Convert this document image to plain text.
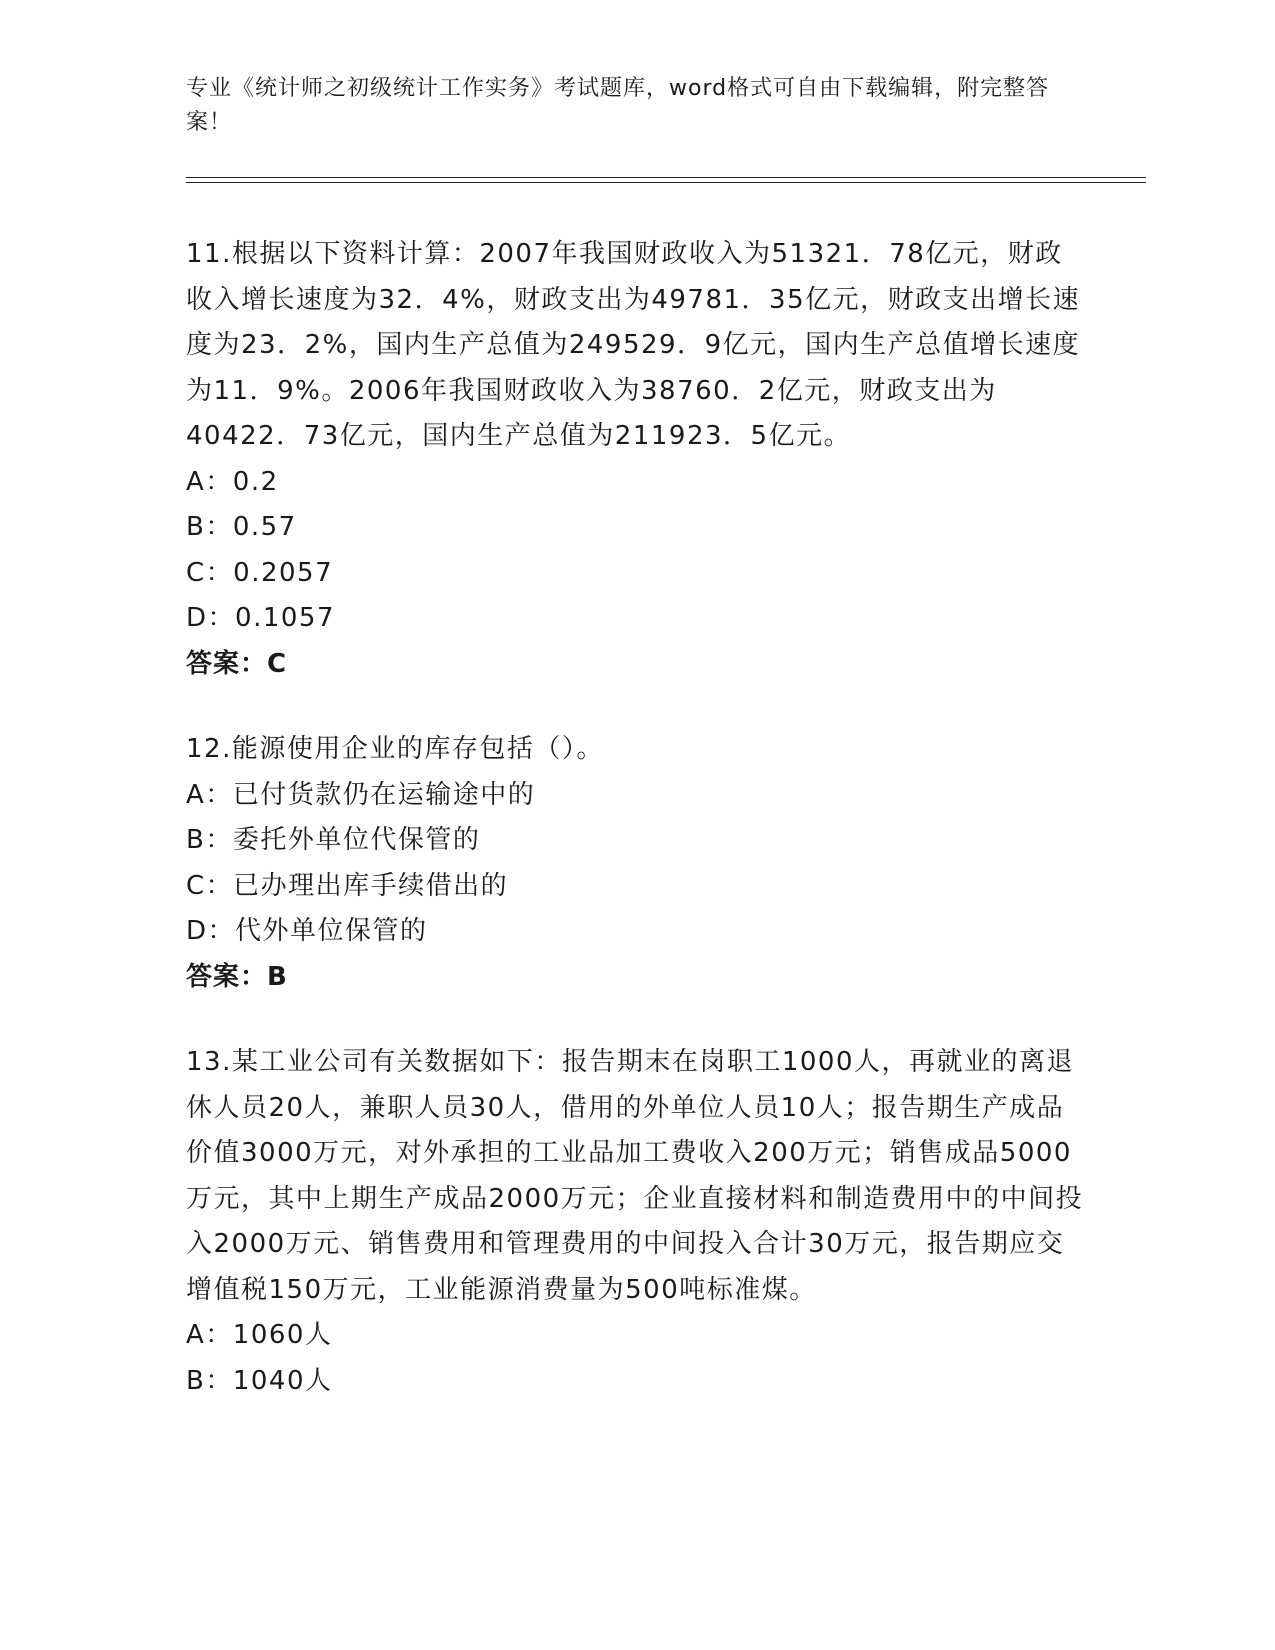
专业《统计师之初级统计工作实务》考试题库，word格式可自由下载编辑，附完整答案！

11.根据以下资料计算：2007年我国财政收入为51321．78亿元，财政收入增长速度为32．4%，财政支出为49781．35亿元，财政支出增长速度为23．2%，国内生产总值为249529．9亿元，国内生产总值增长速度为11．9%。2006年我国财政收入为38760．2亿元，财政支出为40422．73亿元，国内生产总值为211923．5亿元。

A：0.2

B：0.57

C：0.2057

D：0.1057

答案：C

12.能源使用企业的库存包括（）。

A：已付货款仍在运输途中的

B：委托外单位代保管的

C：已办理出库手续借出的

D：代外单位保管的

答案：B

13.某工业公司有关数据如下：报告期末在岗职工1000人，再就业的离退休人员20人，兼职人员30人，借用的外单位人员10人；报告期生产成品价值3000万元，对外承担的工业品加工费收入200万元；销售成品5000万元，其中上期生产成品2000万元；企业直接材料和制造费用中的中间投入2000万元、销售费用和管理费用的中间投入合计30万元，报告期应交增值税150万元，工业能源消费量为500吨标准煤。

A：1060人

B：1040人
